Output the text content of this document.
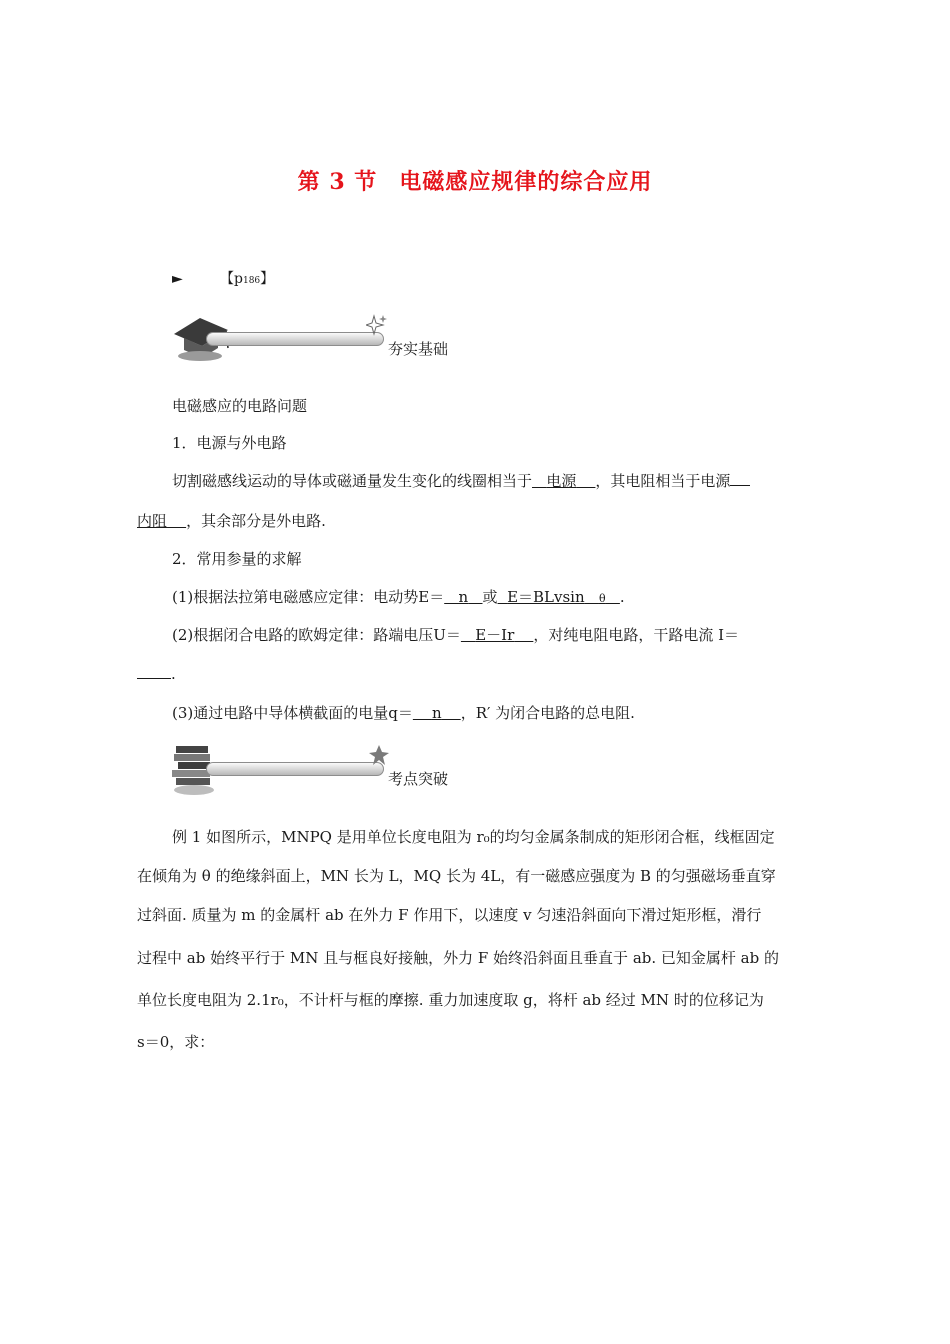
第 3 节 电磁感应规律的综合应用
►	【p186】
夯实基础
电磁感应的电路问题
1．电源与外电路
切割磁感线运动的导体或磁通量发生变化的线圈相当于 电源 ，其电阻相当于电源
内阻 ，其余部分是外电路.
2．常用参量的求解
(1)根据法拉第电磁感应定律：电动势E＝ n 或 E＝BLvsin θ .
(2)根据闭合电路的欧姆定律：路端电压U＝ E－Ir ，对纯电阻电路，干路电流 I＝
.
(3)通过电路中导体横截面的电量q＝ n ，R′ 为闭合电路的总电阻.
考点突破
例 1 如图所示，MNPQ 是用单位长度电阻为 r₀的均匀金属条制成的矩形闭合框，线框固定
在倾角为 θ 的绝缘斜面上，MN 长为 L，MQ 长为 4L，有一磁感应强度为 B 的匀强磁场垂直穿
过斜面. 质量为 m 的金属杆 ab 在外力 F 作用下，以速度 v 匀速沿斜面向下滑过矩形框，滑行
过程中 ab 始终平行于 MN 且与框良好接触，外力 F 始终沿斜面且垂直于 ab. 已知金属杆 ab 的
单位长度电阻为 2.1r₀，不计杆与框的摩擦. 重力加速度取 g，将杆 ab 经过 MN 时的位移记为
s＝0，求：
